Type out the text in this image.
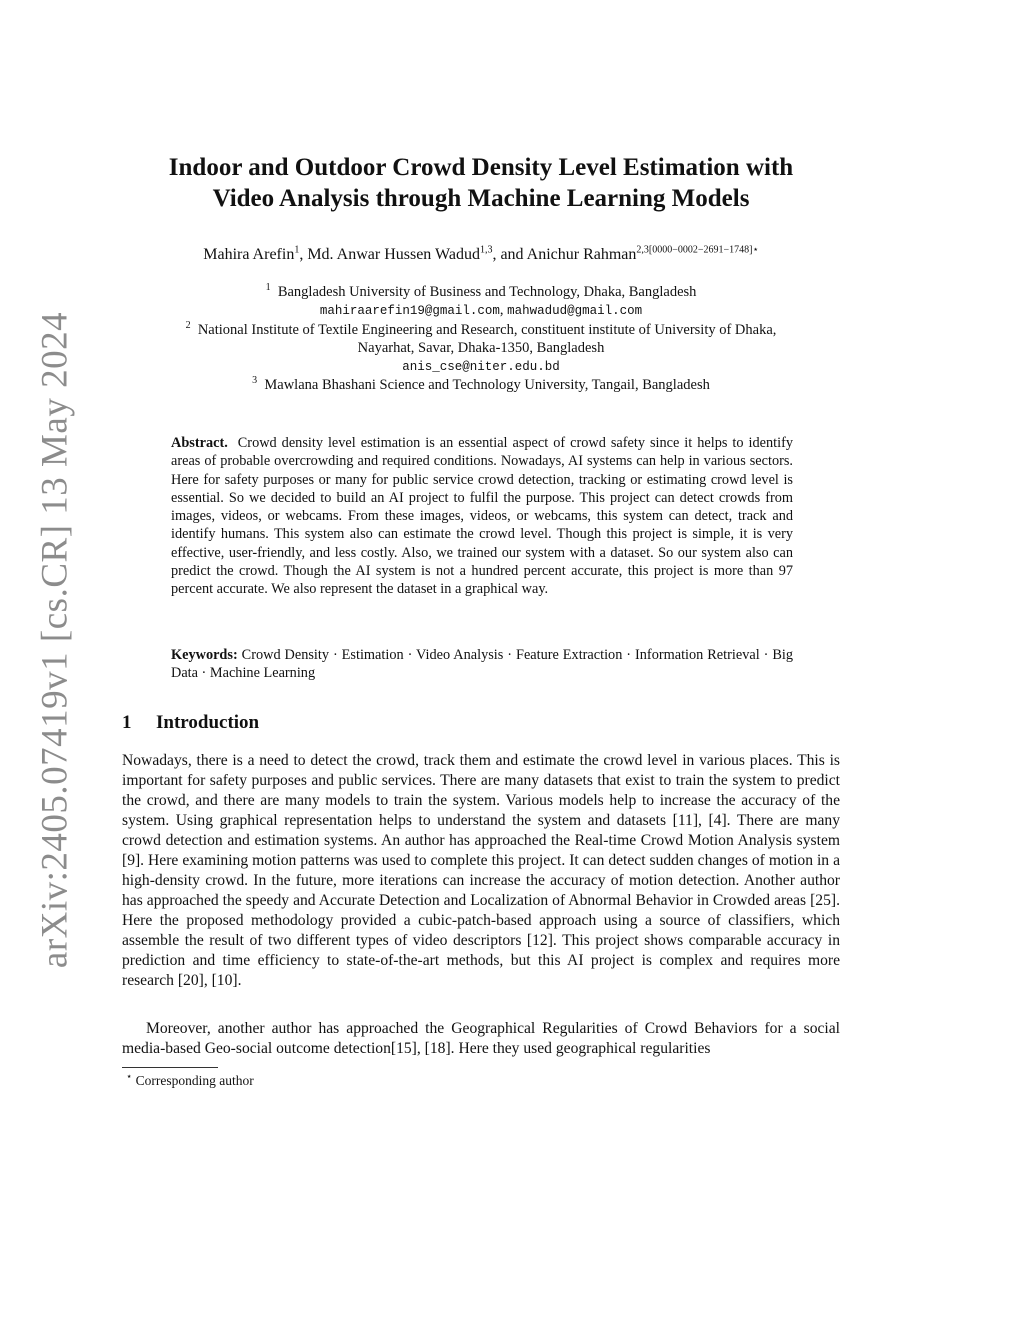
arXiv:2405.07419v1 [cs.CR] 13 May 2024
Indoor and Outdoor Crowd Density Level Estimation with
Video Analysis through Machine Learning Models
Mahira Arefin$^1$, Md. Anwar Hussen Wadud$^{1,3}$, and Anichur Rahman$^{2,3[0000-0002-2691-1748]⋆}$
$^1$ Bangladesh University of Business and Technology, Dhaka, Bangladesh
mahiraarefin19@gmail.com, mahwadud@gmail.com
$^2$ National Institute of Textile Engineering and Research, constituent institute of University of Dhaka,
Nayarhat, Savar, Dhaka-1350, Bangladesh
anis_cse@niter.edu.bd
$^3$ Mawlana Bhashani Science and Technology University, Tangail, Bangladesh
Abstract. Crowd density level estimation is an essential aspect of crowd safety since it helps to identify areas of probable overcrowding and required conditions. Nowadays, AI systems can help in various sectors. Here for safety purposes or many for public service crowd detection, tracking or estimating crowd level is essential. So we decided to build an AI project to fulfil the purpose. This project can detect crowds from images, videos, or webcams. From these images, videos, or webcams, this system can detect, track and identify humans. This system also can estimate the crowd level. Though this project is simple, it is very effective, user-friendly, and less costly. Also, we trained our system with a dataset. So our system also can predict the crowd. Though the AI system is not a hundred percent accurate, this project is more than 97 percent accurate. We also represent the dataset in a graphical way.
Keywords: Crowd Density · Estimation · Video Analysis · Feature Extraction · Information Retrieval · Big Data · Machine Learning
1 Introduction
Nowadays, there is a need to detect the crowd, track them and estimate the crowd level in various places. This is important for safety purposes and public services. There are many datasets that exist to train the system to predict the crowd, and there are many models to train the system. Various models help to increase the accuracy of the system. Using graphical representation helps to understand the system and datasets [11], [4]. There are many crowd detection and estimation systems. An author has approached the Real-time Crowd Motion Analysis system [9]. Here examining motion patterns was used to complete this project. It can detect sudden changes of motion in a high-density crowd. In the future, more iterations can increase the accuracy of motion detection. Another author has approached the speedy and Accurate Detection and Localization of Abnormal Behavior in Crowded areas [25]. Here the proposed methodology provided a cubic-patch-based approach using a source of classifiers, which assemble the result of two different types of video descriptors [12]. This project shows comparable accuracy in prediction and time efficiency to state-of-the-art methods, but this AI project is complex and requires more research [20], [10].
Moreover, another author has approached the Geographical Regularities of Crowd Behaviors for a social media-based Geo-social outcome detection[15], [18]. Here they used geographical regularities
⋆ Corresponding author
